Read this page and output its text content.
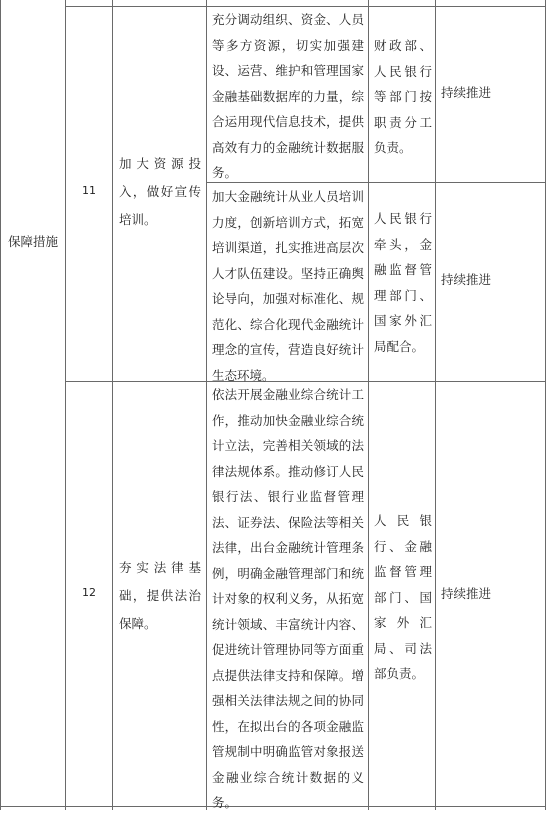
保障措施
11
加大资源投入，做好宣传培训。
充分调动组织、资金、人员等多方资源，切实加强建设、运营、维护和管理国家金融基础数据库的力量，综合运用现代信息技术，提供高效有力的金融统计数据服务。
财政部、人民银行等部门按职责分工负责。
持续推进
加大金融统计从业人员培训力度，创新培训方式，拓宽培训渠道，扎实推进高层次人才队伍建设。坚持正确舆论导向，加强对标准化、规范化、综合化现代金融统计理念的宣传，营造良好统计生态环境。
人民银行牵头，金融监督管理部门、国家外汇局配合。
持续推进
12
夯实法律基础，提供法治保障。
依法开展金融业综合统计工作，推动加快金融业综合统计立法，完善相关领域的法律法规体系。推动修订人民银行法、银行业监督管理法、证券法、保险法等相关法律，出台金融统计管理条例，明确金融管理部门和统计对象的权利义务，从拓宽统计领域、丰富统计内容、促进统计管理协同等方面重点提供法律支持和保障。增强相关法律法规之间的协同性，在拟出台的各项金融监管规制中明确监管对象报送金融业综合统计数据的义务。
人民银行、金融监督管理部门、国家外汇局、司法部负责。
持续推进
